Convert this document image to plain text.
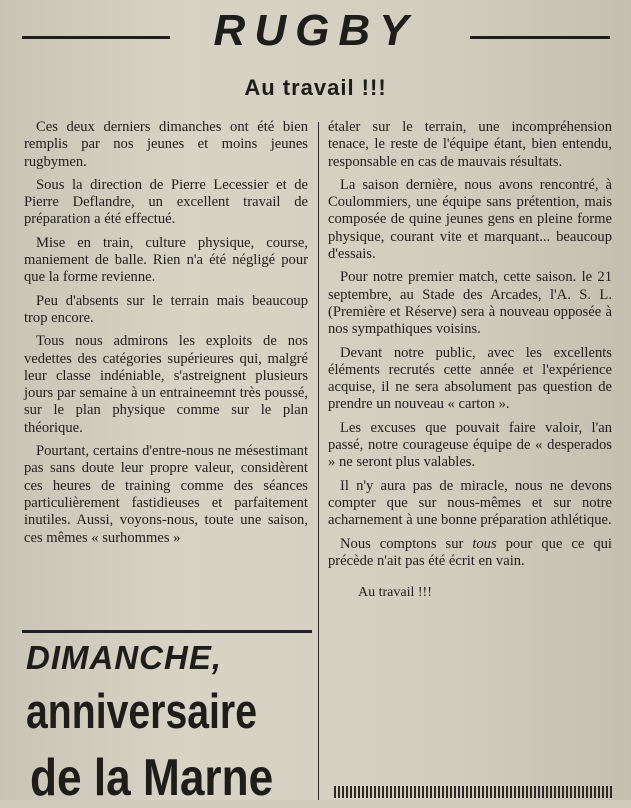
RUGBY
Au travail !!!

Ces deux derniers dimanches ont été bien remplis par nos jeunes et moins jeunes rugbymen.

Sous la direction de Pierre Lecessier et de Pierre Deflandre, un excellent travail de préparation a été effectué.

Mise en train, culture physique, course, maniement de balle. Rien n'a été négligé pour que la forme revienne.

Peu d'absents sur le terrain mais beaucoup trop encore.

Tous nous admirons les exploits de nos vedettes des catégories supérieures qui, malgré leur classe indéniable, s'astreignent plusieurs jours par semaine à un entraineemnt très poussé, sur le plan physique comme sur le plan théorique.

Pourtant, certains d'entre-nous ne mésestimant pas sans doute leur propre valeur, considèrent ces heures de training comme des séances particulièrement fastidieuses et parfaitement inutiles. Aussi, voyons-nous, toute une saison, ces mêmes « surhommes »

étaler sur le terrain, une incompréhension tenace, le reste de l'équipe étant, bien entendu, responsable en cas de mauvais résultats.

La saison dernière, nous avons rencontré, à Coulommiers, une équipe sans prétention, mais composée de quine jeunes gens en pleine forme physique, courant vite et marquant... beaucoup d'essais.

Pour notre premier match, cette saison. le 21 septembre, au Stade des Arcades, l'A. S. L. (Première et Réserve) sera à nouveau opposée à nos sympathiques voisins.

Devant notre public, avec les excellents éléments recrutés cette année et l'expérience acquise, il ne sera absolument pas question de prendre un nouveau « carton ».

Les excuses que pouvait faire valoir, l'an passé, notre courageuse équipe de « desperados » ne seront plus valables.

Il n'y aura pas de miracle, nous ne devons compter que sur nous-mêmes et sur notre acharnement à une bonne préparation athlétique.

Nous comptons sur tous pour que ce qui précède n'ait pas été écrit en vain.

Au travail !!!

DIMANCHE,
anniversaire
de la Marne
